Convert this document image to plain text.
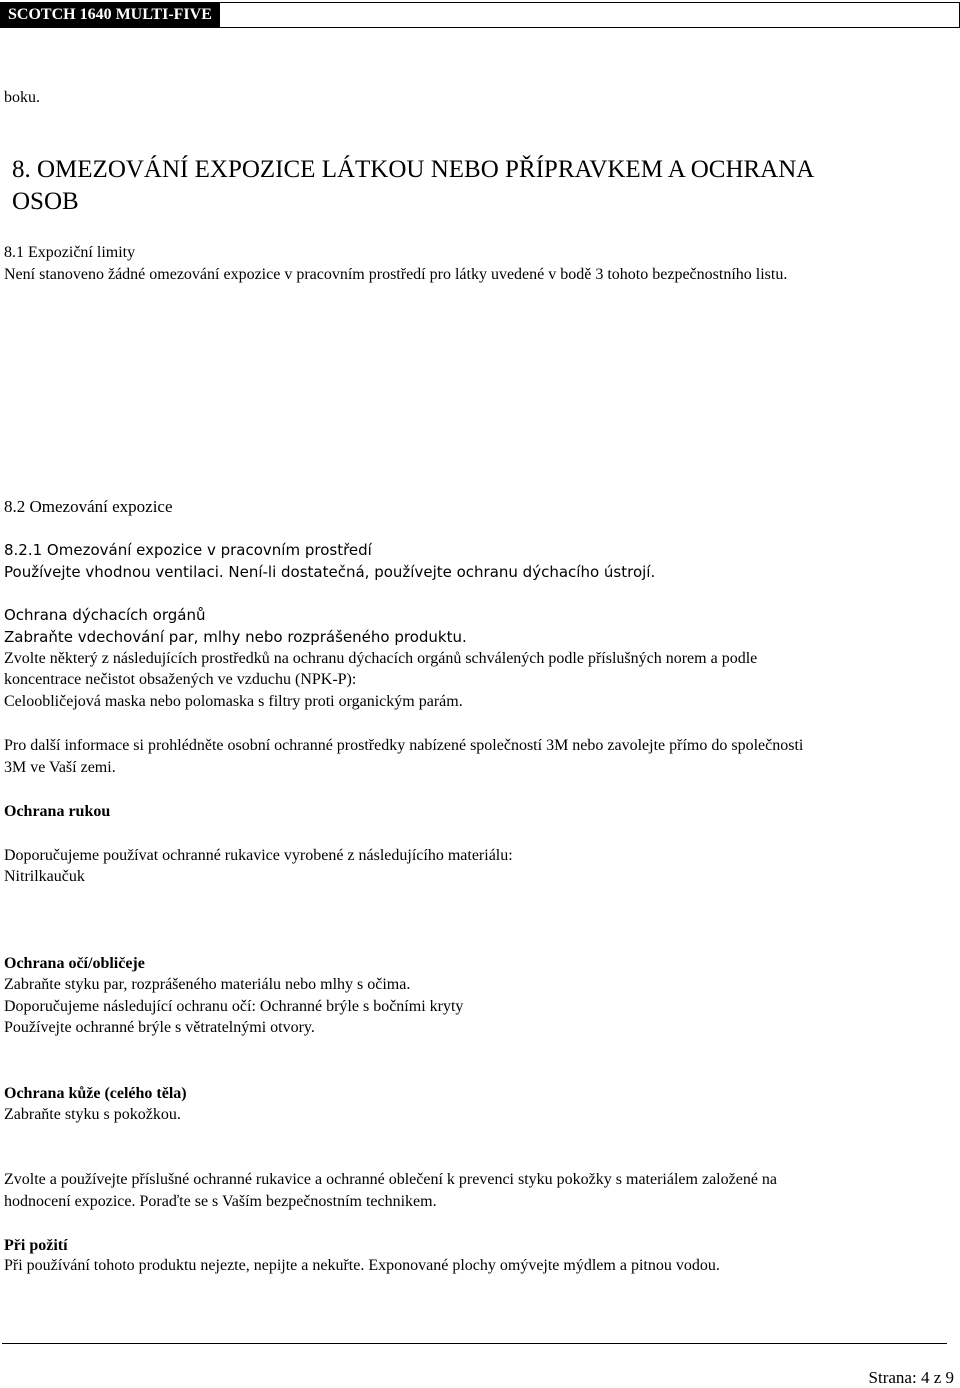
SCOTCH 1640 MULTI-FIVE

boku.

8. OMEZOVÁNÍ EXPOZICE LÁTKOU NEBO PŘÍPRAVKEM A OCHRANA
OSOB

8.1 Expoziční limity

Není stanoveno žádné omezování expozice v pracovním prostředí pro látky uvedené v bodě 3 tohoto bezpečnostního listu.

8.2 Omezování expozice

8.2.1 Omezování expozice v pracovním prostředí

Používejte vhodnou ventilaci. Není-li dostatečná, používejte ochranu dýchacího ústrojí.

Ochrana dýchacích orgánů

Zabraňte vdechování par, mlhy nebo rozprášeného produktu.

Zvolte některý z následujících prostředků na ochranu dýchacích orgánů schválených podle příslušných norem a podle

koncentrace nečistot obsažených ve vzduchu (NPK-P):

Celoobličejová maska nebo polomaska s filtry proti organickým parám.

Pro další informace si prohlédněte osobní ochranné prostředky nabízené společností 3M nebo zavolejte přímo do společnosti

3M ve Vaší zemi.

Ochrana rukou

Doporučujeme používat ochranné rukavice vyrobené z následujícího materiálu:

Nitrilkaučuk

Ochrana očí/obličeje

Zabraňte styku par, rozprášeného materiálu nebo mlhy s očima.

Doporučujeme následující ochranu očí: Ochranné brýle s bočními kryty

Používejte ochranné brýle s větratelnými otvory.

Ochrana kůže (celého těla)

Zabraňte styku s pokožkou.

Zvolte a používejte příslušné ochranné rukavice a ochranné oblečení k prevenci styku pokožky s materiálem založené na

hodnocení expozice. Poraďte se s Vaším bezpečnostním technikem.

Při požití

Při používání tohoto produktu nejezte, nepijte a nekuřte. Exponované plochy omývejte mýdlem a pitnou vodou.

Strana: 4 z 9
